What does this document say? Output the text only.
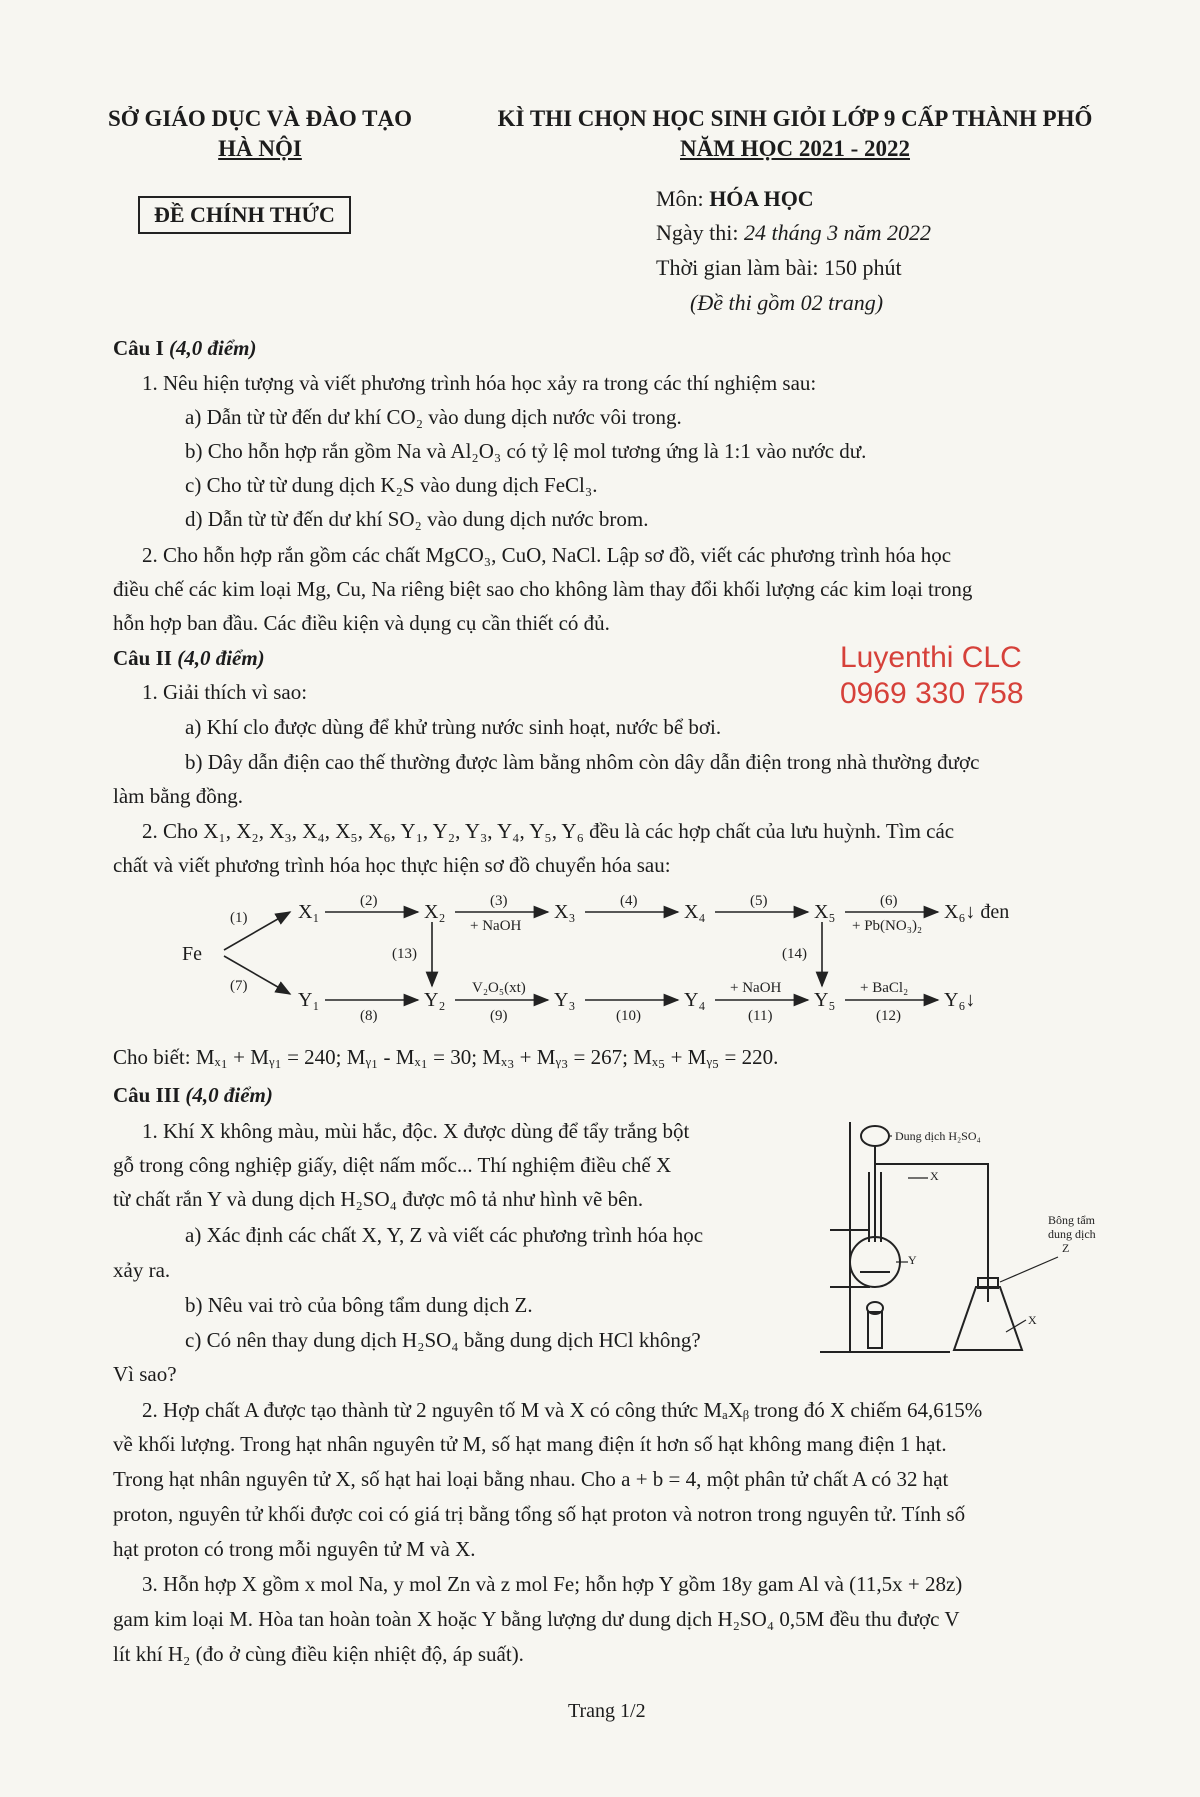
SỞ GIÁO DỤC VÀ ĐÀO TẠO
HÀ NỘI
ĐỀ CHÍNH THỨC
KÌ THI CHỌN HỌC SINH GIỎI LỚP 9 CẤP THÀNH PHỐ
NĂM HỌC 2021 - 2022
Môn: HÓA HỌC
Ngày thi: 24 tháng 3 năm 2022
Thời gian làm bài: 150 phút
(Đề thi gồm 02 trang)
Câu I (4,0 điểm)
1. Nêu hiện tượng và viết phương trình hóa học xảy ra trong các thí nghiệm sau:
a) Dẫn từ từ đến dư khí CO₂ vào dung dịch nước vôi trong.
b) Cho hỗn hợp rắn gồm Na và Al₂O₃ có tỷ lệ mol tương ứng là 1:1 vào nước dư.
c) Cho từ từ dung dịch K₂S vào dung dịch FeCl₃.
d) Dẫn từ từ đến dư khí SO₂ vào dung dịch nước brom.
2. Cho hỗn hợp rắn gồm các chất MgCO₃, CuO, NaCl. Lập sơ đồ, viết các phương trình hóa học
điều chế các kim loại Mg, Cu, Na riêng biệt sao cho không làm thay đổi khối lượng các kim loại trong
hỗn hợp ban đầu. Các điều kiện và dụng cụ cần thiết có đủ.
Câu II (4,0 điểm)
1. Giải thích vì sao:
a) Khí clo được dùng để khử trùng nước sinh hoạt, nước bể bơi.
b) Dây dẫn điện cao thế thường được làm bằng nhôm còn dây dẫn điện trong nhà thường được
làm bằng đồng.
2. Cho X₁, X₂, X₃, X₄, X₅, X₆, Y₁, Y₂, Y₃, Y₄, Y₅, Y₆ đều là các hợp chất của lưu huỳnh. Tìm các
chất và viết phương trình hóa học thực hiện sơ đồ chuyển hóa sau:
Luyenthi CLC
0969 330 758
Fe
X₁	X₂	X₃	X₄	X₅	X₆↓ đen
Y₁	Y₂	Y₃	Y₄	Y₅	Y₆↓
(1)
(7)
(2)	(3)
+ NaOH
(4)	(5)	(6)
+ Pb(NO₃)₂
(13)	(14)
(8)
V₂O₅(xt)
(9)	(10)
+ NaOH
(11)
+ BaCl₂
(12)
Cho biết: Mₓ₁ + Mᵧ₁ = 240; Mᵧ₁ - Mₓ₁ = 30; Mₓ₃ + Mᵧ₃ = 267; Mₓ₅ + Mᵧ₅ = 220.
Câu III (4,0 điểm)
1. Khí X không màu, mùi hắc, độc. X được dùng để tẩy trắng bột
gỗ trong công nghiệp giấy, diệt nấm mốc... Thí nghiệm điều chế X
từ chất rắn Y và dung dịch H₂SO₄ được mô tả như hình vẽ bên.
a) Xác định các chất X, Y, Z và viết các phương trình hóa học
xảy ra.
b) Nêu vai trò của bông tẩm dung dịch Z.
c) Có nên thay dung dịch H₂SO₄ bằng dung dịch HCl không?
Vì sao?
Dung dịch H₂SO₄
X
Y
Bông tẩm
dung dịch
Z
X
2. Hợp chất A được tạo thành từ 2 nguyên tố M và X có công thức MₐXᵦ trong đó X chiếm 64,615%
về khối lượng. Trong hạt nhân nguyên tử M, số hạt mang điện ít hơn số hạt không mang điện 1 hạt.
Trong hạt nhân nguyên tử X, số hạt hai loại bằng nhau. Cho a + b = 4, một phân tử chất A có 32 hạt
proton, nguyên tử khối được coi có giá trị bằng tổng số hạt proton và notron trong nguyên tử. Tính số
hạt proton có trong mỗi nguyên tử M và X.
3. Hỗn hợp X gồm x mol Na, y mol Zn và z mol Fe; hỗn hợp Y gồm 18y gam Al và (11,5x + 28z)
gam kim loại M. Hòa tan hoàn toàn X hoặc Y bằng lượng dư dung dịch H₂SO₄ 0,5M đều thu được V
lít khí H₂ (đo ở cùng điều kiện nhiệt độ, áp suất).
Trang 1/2
